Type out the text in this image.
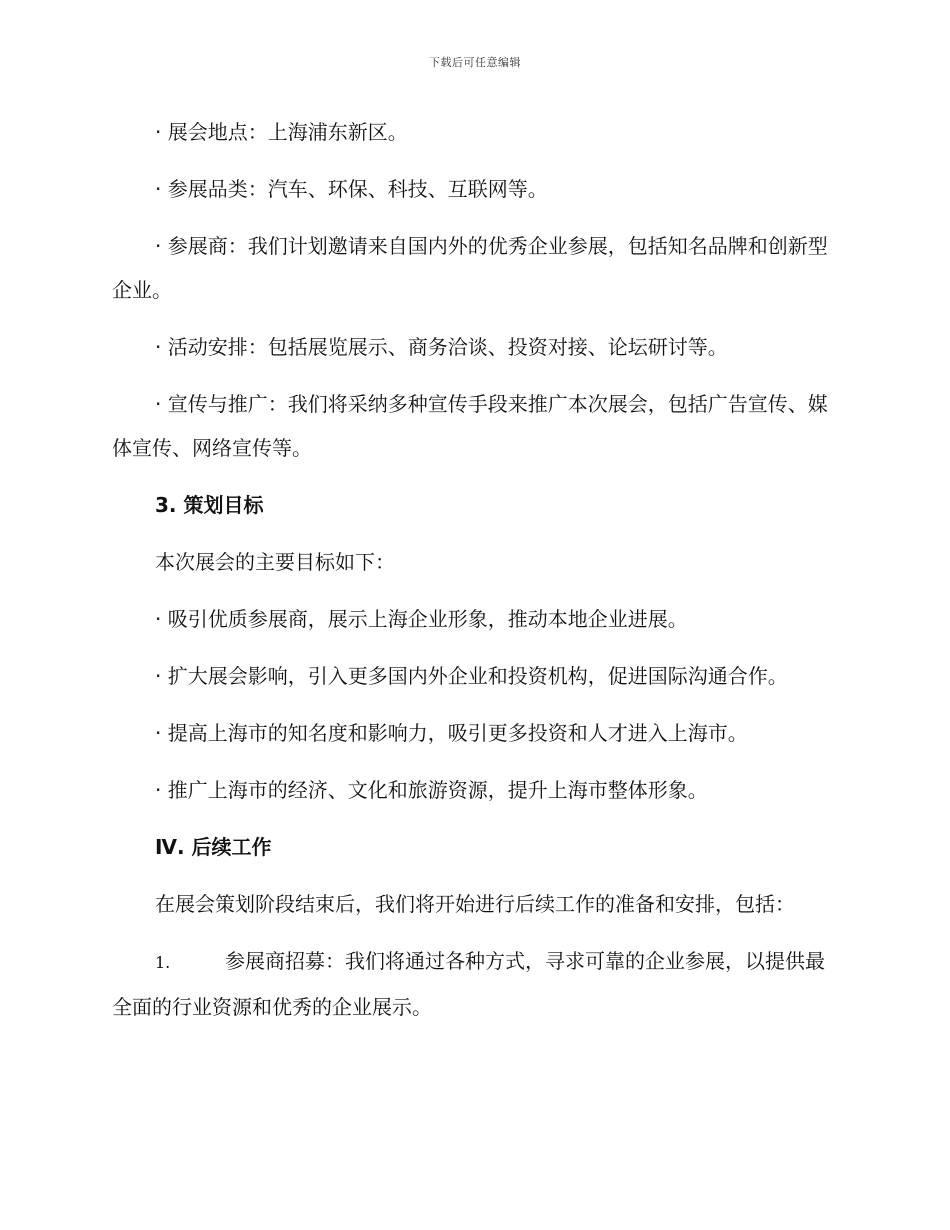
下载后可任意编辑

· 展会地点：上海浦东新区。

· 参展品类：汽车、环保、科技、互联网等。

· 参展商：我们计划邀请来自国内外的优秀企业参展，包括知名品牌和创新型企业。

· 活动安排：包括展览展示、商务洽谈、投资对接、论坛研讨等。

· 宣传与推广：我们将采纳多种宣传手段来推广本次展会，包括广告宣传、媒体宣传、网络宣传等。

3. 策划目标

本次展会的主要目标如下：

· 吸引优质参展商，展示上海企业形象，推动本地企业进展。

· 扩大展会影响，引入更多国内外企业和投资机构，促进国际沟通合作。

· 提高上海市的知名度和影响力，吸引更多投资和人才进入上海市。

· 推广上海市的经济、文化和旅游资源，提升上海市整体形象。

Ⅳ. 后续工作

在展会策划阶段结束后，我们将开始进行后续工作的准备和安排，包括：

1.	参展商招募：我们将通过各种方式，寻求可靠的企业参展，以提供最全面的行业资源和优秀的企业展示。
